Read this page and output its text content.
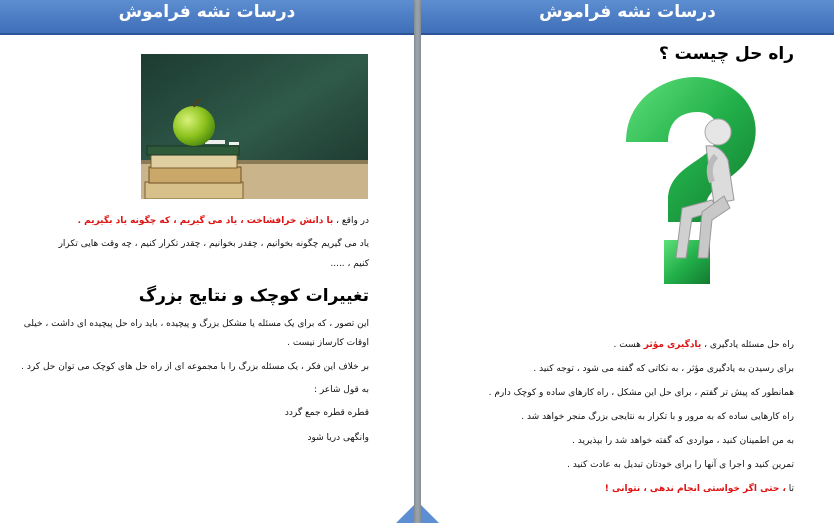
درسات نشه فراموش
در واقع ، با دانش خرافشاخت ، یاد می گیریم ، که چگونه یاد بگیریم .
یاد می گیریم چگونه بخوانیم ، چقدر بخوانیم ، چقدر تکرار کنیم ، چه وقت هایی تکرار
کنیم ، .....
تغییرات کوچک و نتایج بزرگ
این تصور ، که برای یک مسئله یا مشکل بزرگ و پیچیده ، باید راه حل پیچیده ای داشت ، خیلی
اوقات کارساز نیست .
بر خلاف این فکر ، یک مسئله بزرگ را با مجموعه ای از راه حل های کوچک می توان حل کرد .
به قول شاعر :
قطره قطره جمع گردد
وانگهی دریا شود
درسات نشه فراموش
راه حل چیست ؟
راه حل مسئله یادگیری ، یادگیری مؤثر هست .
برای رسیدن به یادگیری مؤثر ، به نکاتی که گفته می شود ، توجه کنید .
همانطور که پیش تر گفتم ، برای حل این مشکل ، راه کارهای ساده و کوچک دارم .
راه کارهایی ساده که به مرور و با تکرار به نتایجی بزرگ منجر خواهد شد .
به من اطمینان کنید ، مواردی که گفته خواهد شد را بپذیرید .
تمرین کنید و اجرا ی آنها را برای خودتان تبدیل به عادت کنید .
تا ، حتی اگر خواستی انجام ندهی ، نتوانی !
